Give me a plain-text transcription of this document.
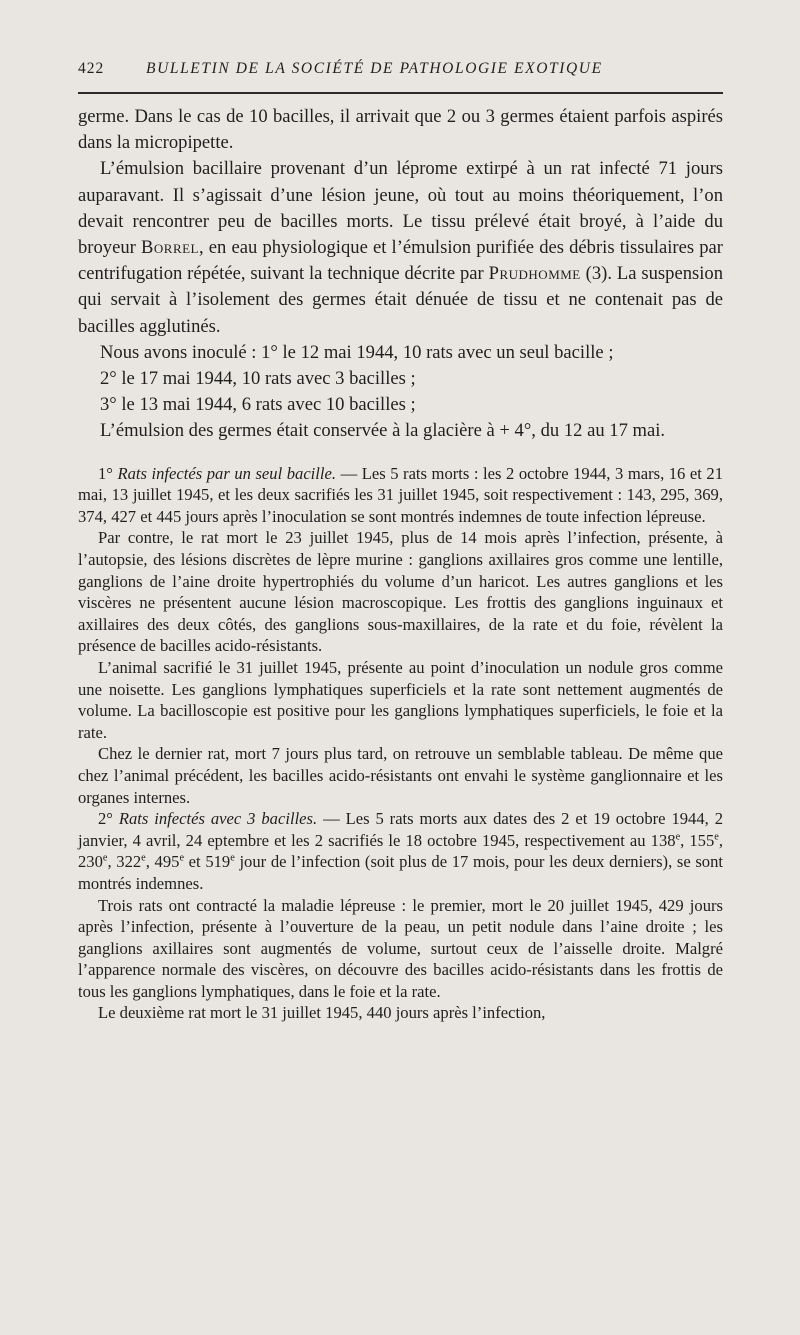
422	BULLETIN DE LA SOCIÉTÉ DE PATHOLOGIE EXOTIQUE

germe. Dans le cas de 10 bacilles, il arrivait que 2 ou 3 germes étaient parfois aspirés dans la micropipette.

L’émulsion bacillaire provenant d’un léprome extirpé à un rat infecté 71 jours auparavant. Il s’agissait d’une lésion jeune, où tout au moins théoriquement, l’on devait rencontrer peu de bacilles morts. Le tissu prélevé était broyé, à l’aide du broyeur Borrel, en eau physiologique et l’émulsion purifiée des débris tissulaires par centrifugation répétée, suivant la technique décrite par Prudhomme (3). La suspension qui servait à l’isolement des germes était dénuée de tissu et ne contenait pas de bacilles agglutinés.

Nous avons inoculé : 1° le 12 mai 1944, 10 rats avec un seul bacille ;

2° le 17 mai 1944, 10 rats avec 3 bacilles ;

3° le 13 mai 1944, 6 rats avec 10 bacilles ;

L’émulsion des germes était conservée à la glacière à + 4°, du 12 au 17 mai.

1° Rats infectés par un seul bacille. — Les 5 rats morts : les 2 octobre 1944, 3 mars, 16 et 21 mai, 13 juillet 1945, et les deux sacrifiés les 31 juillet 1945, soit respectivement : 143, 295, 369, 374, 427 et 445 jours après l’inoculation se sont montrés indemnes de toute infection lépreuse.

Par contre, le rat mort le 23 juillet 1945, plus de 14 mois après l’infection, présente, à l’autopsie, des lésions discrètes de lèpre murine : ganglions axillaires gros comme une lentille, ganglions de l’aine droite hypertrophiés du volume d’un haricot. Les autres ganglions et les viscères ne présentent aucune lésion macroscopique. Les frottis des ganglions inguinaux et axillaires des deux côtés, des ganglions sous-maxillaires, de la rate et du foie, révèlent la présence de bacilles acido-résistants.

L’animal sacrifié le 31 juillet 1945, présente au point d’inoculation un nodule gros comme une noisette. Les ganglions lymphatiques superficiels et la rate sont nettement augmentés de volume. La bacilloscopie est positive pour les ganglions lymphatiques superficiels, le foie et la rate.

Chez le dernier rat, mort 7 jours plus tard, on retrouve un semblable tableau. De même que chez l’animal précédent, les bacilles acido-résistants ont envahi le système ganglionnaire et les organes internes.

2° Rats infectés avec 3 bacilles. — Les 5 rats morts aux dates des 2 et 19 octobre 1944, 2 janvier, 4 avril, 24 eptembre et les 2 sacrifiés le 18 octobre 1945, respectivement au 138e, 155e, 230e, 322e, 495e et 519e jour de l’infection (soit plus de 17 mois, pour les deux derniers), se sont montrés indemnes.

Trois rats ont contracté la maladie lépreuse : le premier, mort le 20 juillet 1945, 429 jours après l’infection, présente à l’ouverture de la peau, un petit nodule dans l’aine droite ; les ganglions axillaires sont augmentés de volume, surtout ceux de l’aisselle droite. Malgré l’apparence normale des viscères, on découvre des bacilles acido-résistants dans les frottis de tous les ganglions lymphatiques, dans le foie et la rate.

Le deuxième rat mort le 31 juillet 1945, 440 jours après l’infection,
